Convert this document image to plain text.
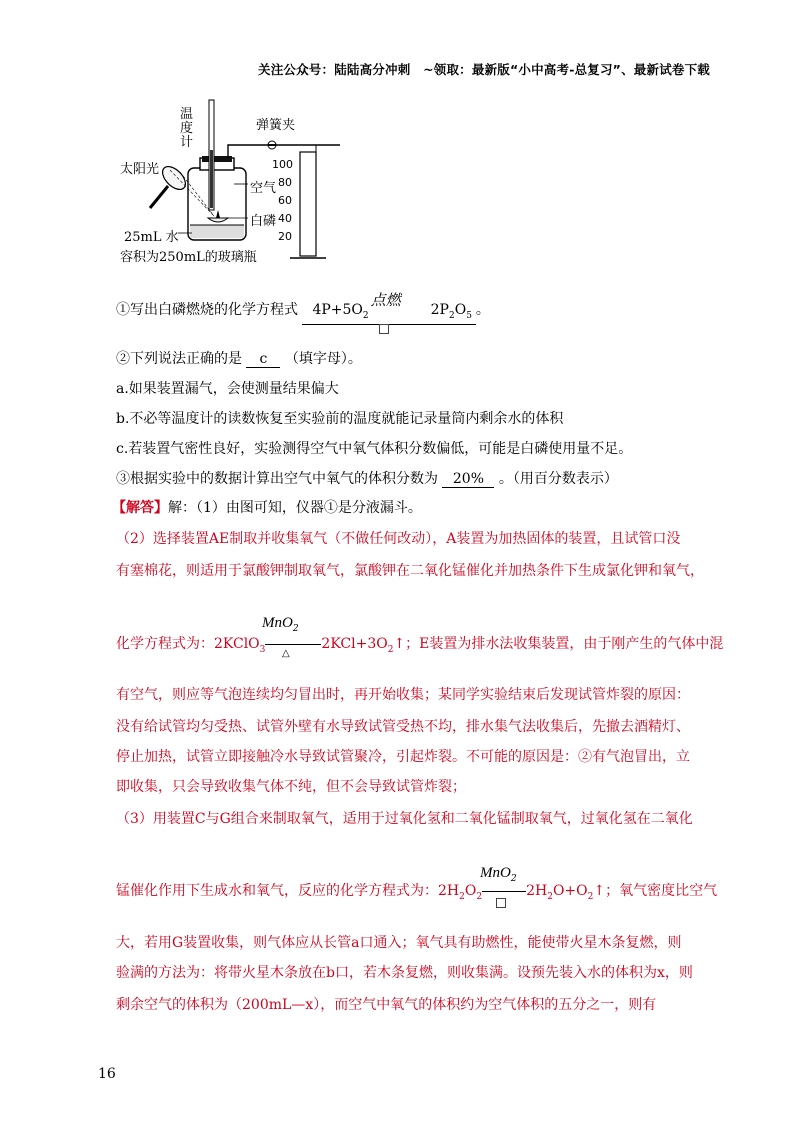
关注公众号：陆陆高分冲刺　~领取：最新版“小中高考-总复习”、最新试卷下载
温
度
计
弹簧夹
太阳光
空气
白磷
25mL 水
容积为250mL的玻璃瓶
100
80
60
40
20
①写出白磷燃烧的化学方程式 $4P+5O_2$
点燃
$2P_2O_5$ 。
②下列说法正确的是 c （填字母）。
a.如果装置漏气，会使测量结果偏大
b.不必等温度计的读数恢复至实验前的温度就能记录量筒内剩余水的体积
c.若装置气密性良好，实验测得空气中氧气体积分数偏低，可能是白磷使用量不足。
③根据实验中的数据计算出空气中氧气的体积分数为 20% 。（用百分数表示）
【解答】解：（1）由图可知，仪器①是分液漏斗。
（2）选择装置AE制取并收集氧气（不做任何改动），A装置为加热固体的装置，且试管口没
有塞棉花，则适用于氯酸钾制取氧气，氯酸钾在二氧化锰催化并加热条件下生成氯化钾和氧气，
MnO$_2$
化学方程式为：2KClO$_3$	$2KCl+3O_2↑$；E装置为排水法收集装置，由于刚产生的气体中混
△
有空气，则应等气泡连续均匀冒出时，再开始收集；某同学实验结束后发现试管炸裂的原因：
没有给试管均匀受热、试管外壁有水导致试管受热不均，排水集气法收集后，先撤去酒精灯、
停止加热，试管立即接触冷水导致试管聚冷，引起炸裂。不可能的原因是：②有气泡冒出，立
即收集，只会导致收集气体不纯，但不会导致试管炸裂；
（3）用装置C与G组合来制取氧气，适用于过氧化氢和二氧化锰制取氧气，过氧化氢在二氧化
MnO$_2$
锰催化作用下生成水和氧气，反应的化学方程式为：$2H_2O_2$	$2H_2O+O_2↑$；氧气密度比空气
大，若用G装置收集，则气体应从长管a口通入；氧气具有助燃性，能使带火星木条复燃，则
验满的方法为：将带火星木条放在b口，若木条复燃，则收集满。设预先装入水的体积为x，则
剩余空气的体积为（200mL—x），而空气中氧气的体积约为空气体积的五分之一，则有
16
